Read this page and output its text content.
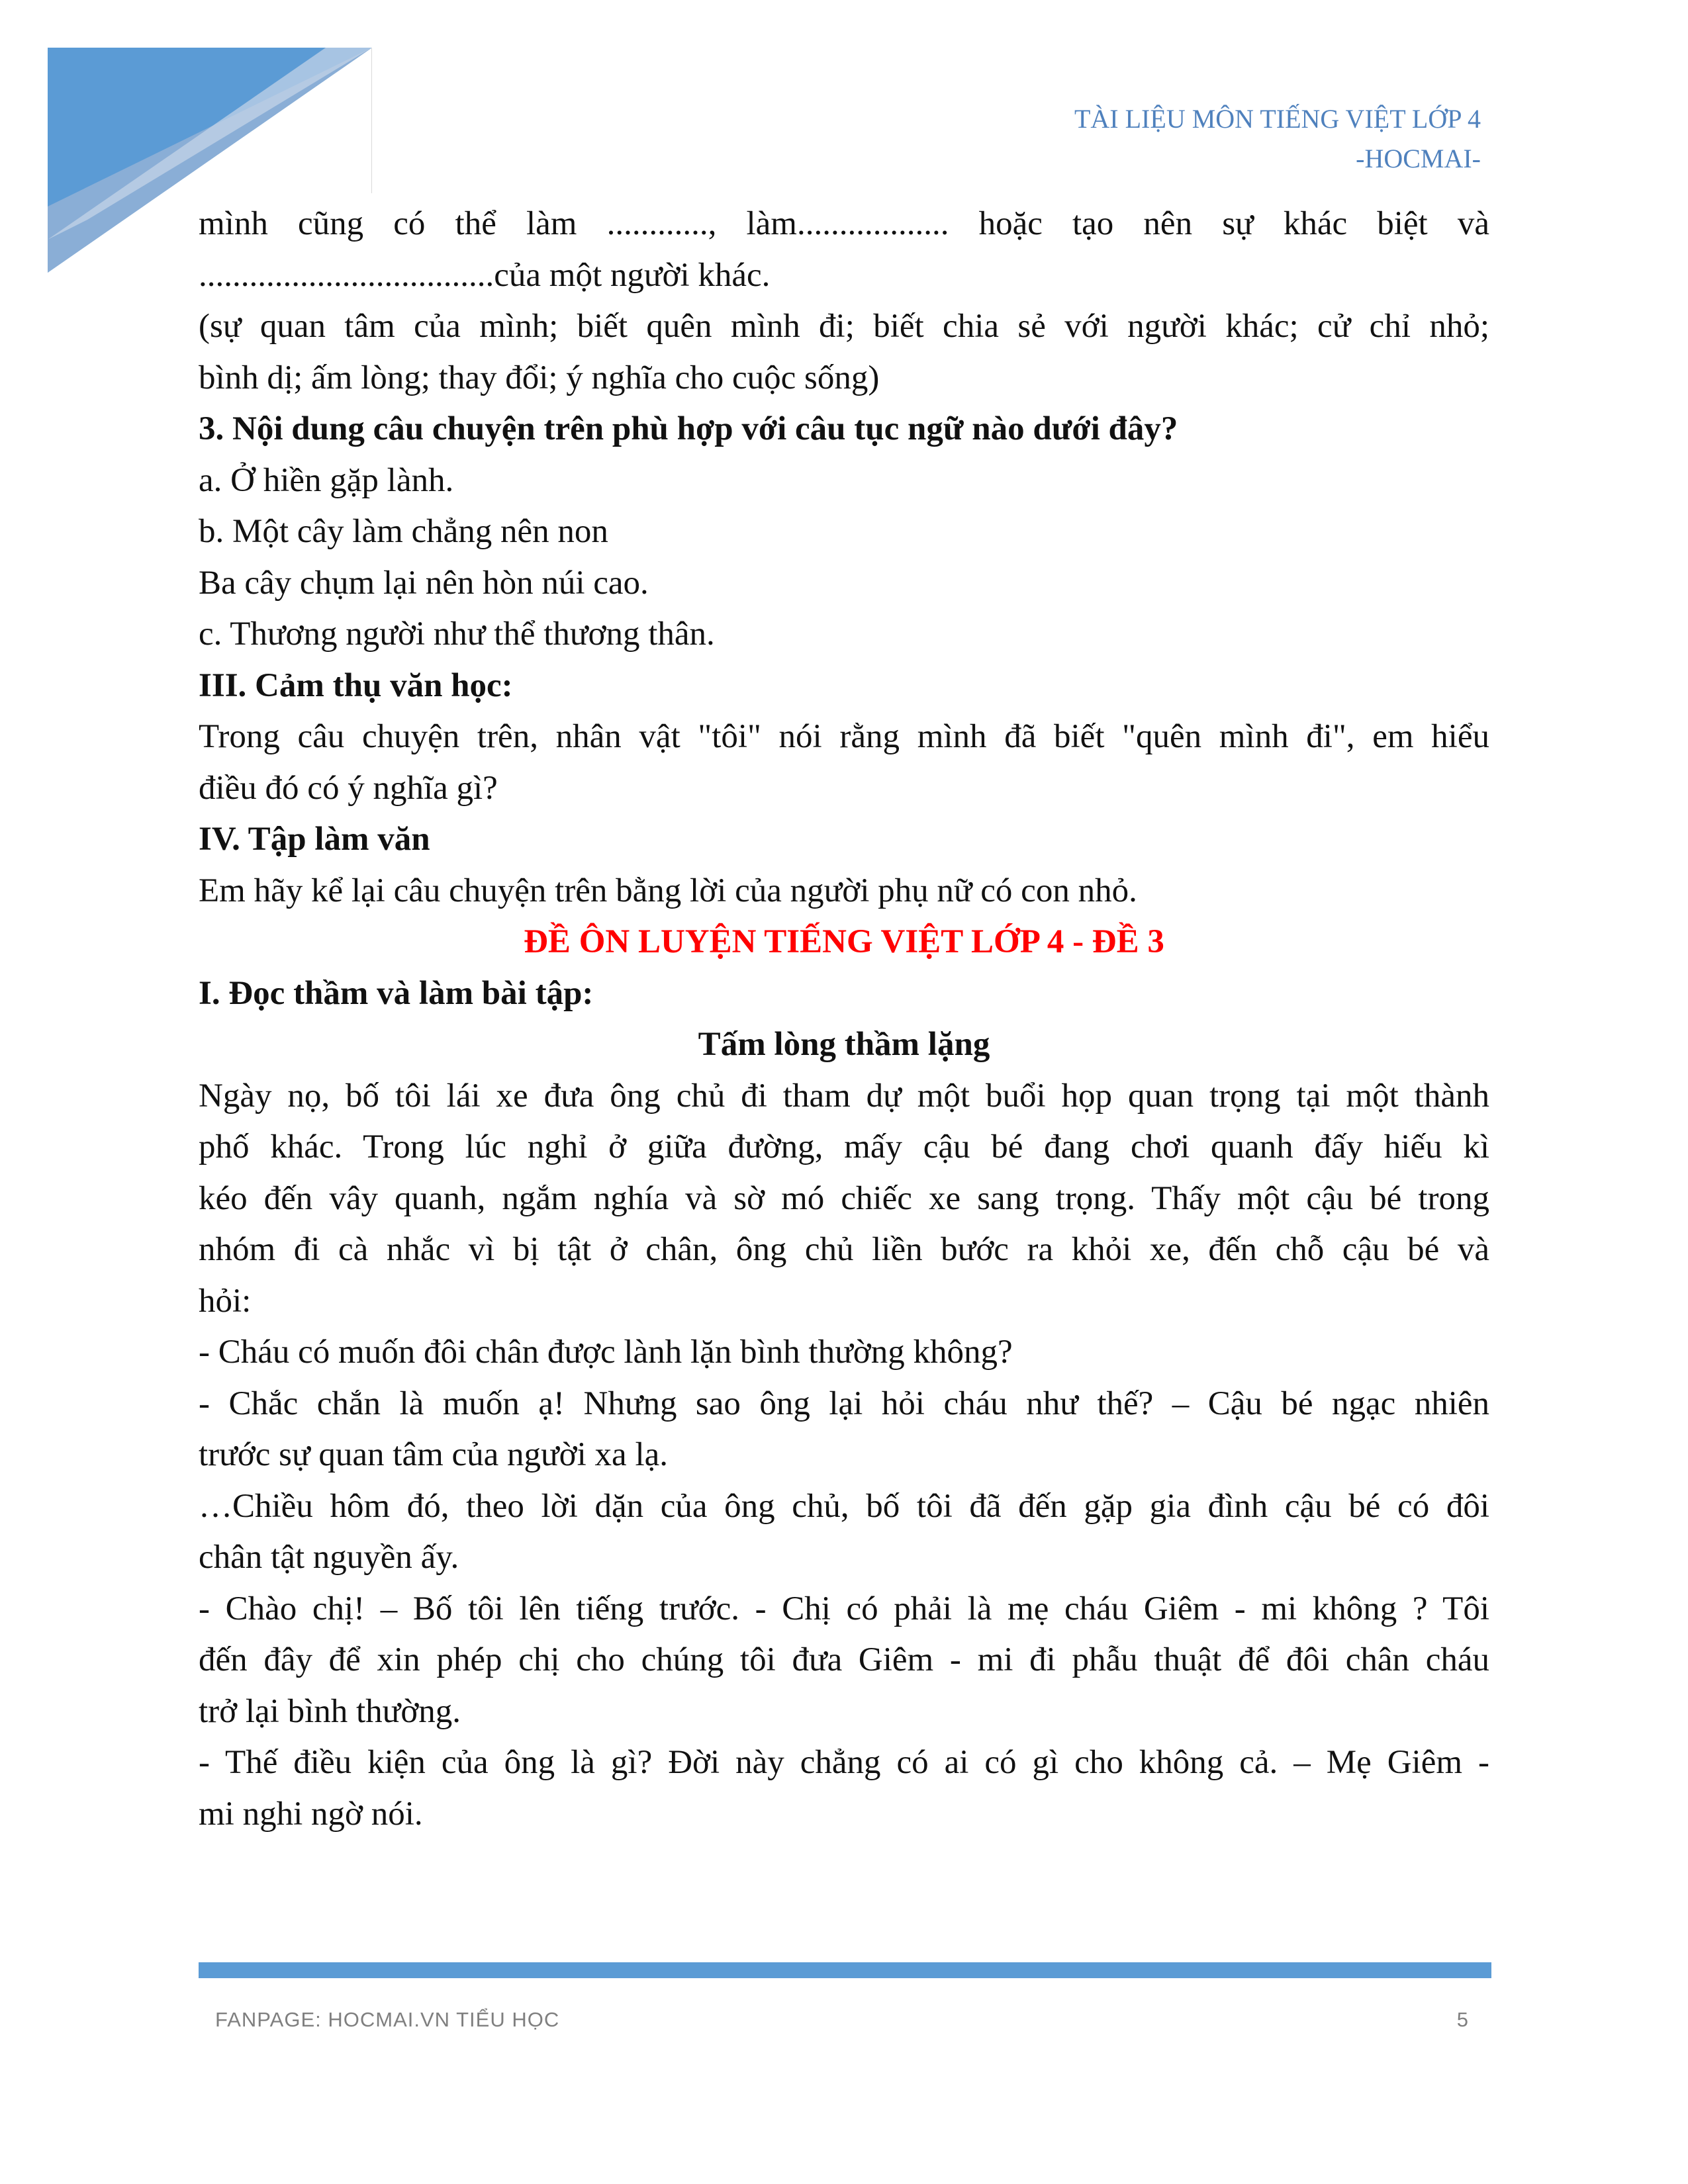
TÀI LIỆU MÔN TIẾNG VIỆT LỚP 4
-HOCMAI-

mình cũng có thể làm ............, làm.................. hoặc tạo nên sự khác biệt và

...................................của một người khác.

(sự quan tâm của mình; biết quên mình đi; biết chia sẻ với người khác; cử chỉ nhỏ;

bình dị; ấm lòng; thay đổi; ý nghĩa cho cuộc sống)

3. Nội dung câu chuyện trên phù hợp với câu tục ngữ nào dưới đây?

a. Ở hiền gặp lành.

b. Một cây làm chẳng nên non

Ba cây chụm lại nên hòn núi cao.

c. Thương người như thể thương thân.

III. Cảm thụ văn học:

Trong câu chuyện trên, nhân vật "tôi" nói rằng mình đã biết "quên mình đi", em hiểu

điều đó có ý nghĩa gì?

IV. Tập làm văn

Em hãy kể lại câu chuyện trên bằng lời của người phụ nữ có con nhỏ.

ĐỀ ÔN LUYỆN TIẾNG VIỆT LỚP 4 - ĐỀ 3

I. Đọc thầm và làm bài tập:

Tấm lòng thầm lặng

Ngày nọ, bố tôi lái xe đưa ông chủ đi tham dự một buổi họp quan trọng tại một thành

phố khác. Trong lúc nghỉ ở giữa đường, mấy cậu bé đang chơi quanh đấy hiếu kì

kéo đến vây quanh, ngắm nghía và sờ mó chiếc xe sang trọng. Thấy một cậu bé trong

nhóm đi cà nhắc vì bị tật ở chân, ông chủ liền bước ra khỏi xe, đến chỗ cậu bé và

hỏi:

- Cháu có muốn đôi chân được lành lặn bình thường không?

- Chắc chắn là muốn ạ! Nhưng sao ông lại hỏi cháu như thế? – Cậu bé ngạc nhiên

trước sự quan tâm của người xa lạ.

…Chiều hôm đó, theo lời dặn của ông chủ, bố tôi đã đến gặp gia đình cậu bé có đôi

chân tật nguyền ấy.

- Chào chị! – Bố tôi lên tiếng trước. - Chị có phải là mẹ cháu Giêm - mi không ? Tôi

đến đây để xin phép chị cho chúng tôi đưa Giêm - mi đi phẫu thuật để đôi chân cháu

trở lại bình thường.

- Thế điều kiện của ông là gì? Đời này chẳng có ai có gì cho không cả. – Mẹ Giêm -

mi nghi ngờ nói.

FANPAGE: HOCMAI.VN TIỂU HỌC	5
